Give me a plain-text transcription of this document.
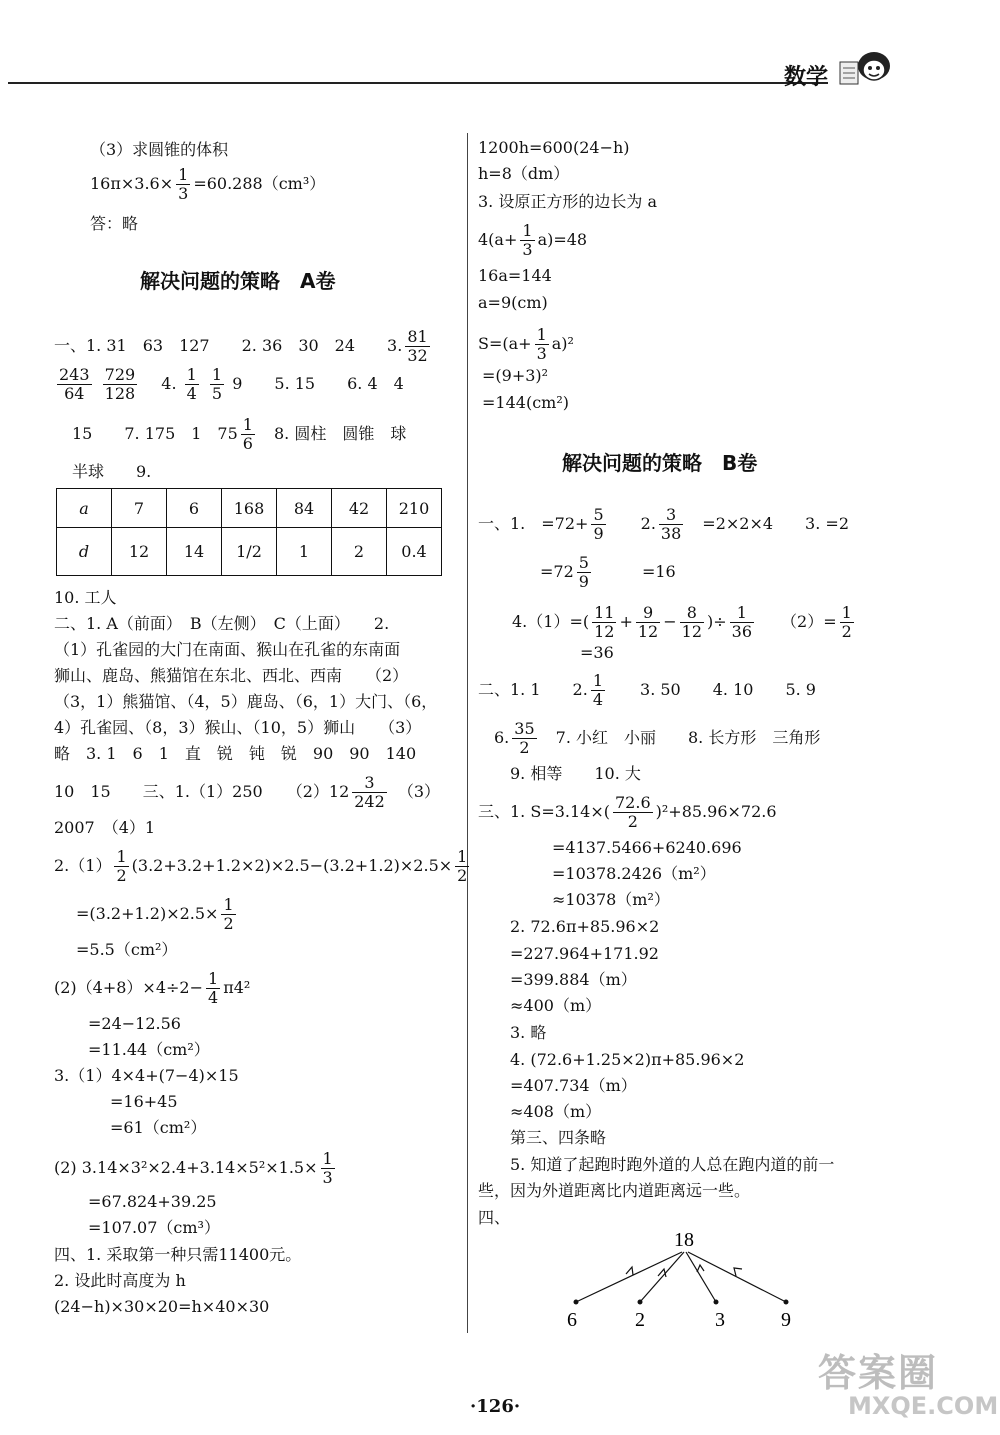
数学
（3）求圆锥的体积
$16\pi\times 3.6\times \frac{1}{3} =60.288(cm^3)$
答：略
解决问题的策略　A卷
一、1. 31　63　127　　2. 36　30　24　　3. $\frac{81}{32}$
$\frac{243}{64}$
$\frac{729}{128}$
　 4. $\frac{1}{4}$
$\frac{1}{5} 9$　　5. 15　　6. 4　4
15　　7. 175　1　$75 \frac{1}{6}$
　 8. 圆柱　圆锥　球
半球　　9.
a	7	6	168	84	42	210
d	12	14	1/2	1	2	0.4
10. 工人
二、1. A（前面）　B（左侧）　C（上面）　　2.
（1）孔雀园的大门在南面、猴山在孔雀的东南面
狮山、鹿岛、熊猫馆在东北、西北、西南　　（2）
（3，1）熊猫馆、（4，5）鹿岛、（6，1）大门、（6，
4）孔雀园、（8，3）猴山、（10，5）狮山　　（3）
略　3. 1　6　1　直　锐　钝　锐　90　90　140
10　15　　三、1.（1）250　　$(2)12 \frac{3}{242}$
　 （3）
2007　（4）1
$2.(1) \frac{1}{2} (3.2+3.2+1.2\times 2)\times 2.5-(3.2+1.2)\times 2.5\times \frac{1}{2}$
$=(3.2+1.2)\times 2.5\times \frac{1}{2}$
=5.5（cm²）
$(2)(4+8)\times 4\div 2- \frac{1}{4} \pi 4^2$
=24−12.56
=11.44（cm²）
3.（1）4×4+(7−4)×15
=16+45
=61（cm²）
(2) $3.14\times 3^2\times 2.4+3.14\times 5^2\times 1.5\times \frac{1}{3}$
=67.824+39.25
=107.07（cm³）
四、1. 采取第一种只需11400元。
2. 设此时高度为 h
(24−h)×30×20=h×40×30
1200h=600(24−h)
h=8（dm）
3. 设原正方形的边长为 a
$4(a+ \frac{1}{3} a)=48$
16a=144
a=9(cm)
$S=(a+ \frac{1}{3} a)^2$
=(9+3)²
=144(cm²)
解决问题的策略　B卷
一、1.　$=72+ \frac{5}{9}$
　　 2. $\frac{3}{38}$
　 =2×2×4　　3. =2
$=72 \frac{5}{9}$
　　　	=16
$4.(1)=( \frac{11}{12} + \frac{9}{12} - \frac{8}{12}$ )÷ $\frac{1}{36}$
　　 $(2)= \frac{1}{2}$
=36
二、1. 1　　2. $\frac{1}{4}$
　　 3. 50　　4. 10　　5. 9
6. $\frac{35}{2}$
　 7. 小红　小丽　　8. 长方形　三角形
9. 相等　　10. 大
三、1. $S=3.14\times( \frac{72.6}{2} )^2+85.96\times 72.6$
=4137.5466+6240.696
=10378.2426（m²）
≈10378（m²）
2. 72.6π+85.96×2
=227.964+171.92
=399.884（m）
≈400（m）
3. 略
4. (72.6+1.25×2)π+85.96×2
=407.734（m）
≈408（m）
第三、四条略
5. 知道了起跑时跑外道的人总在跑内道的前一
些，因为外道距离比内道距离远一些。
四、
18
6	2	3	9
·126·
答案圈
MXQE.COM
